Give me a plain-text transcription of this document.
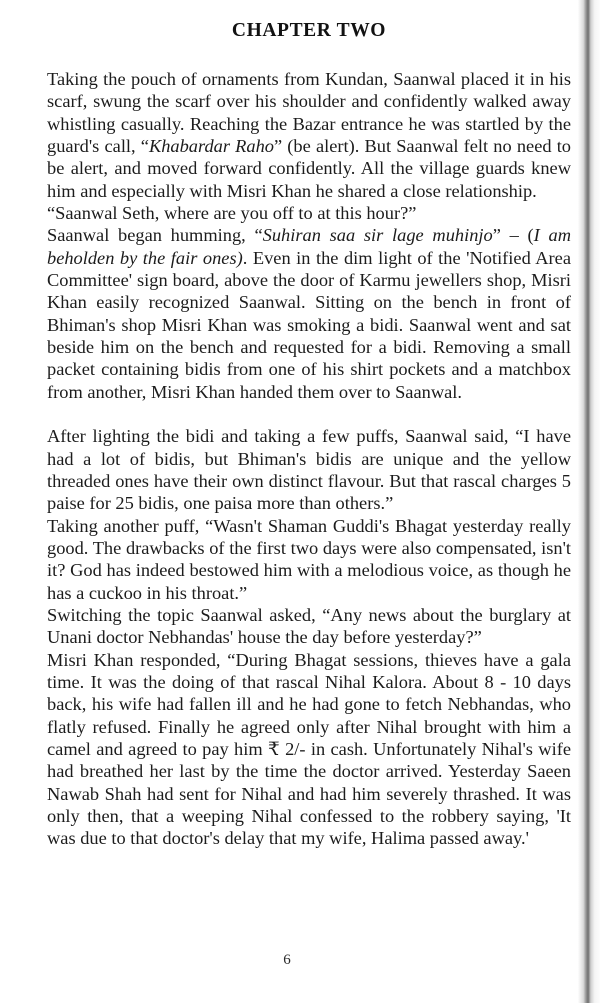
CHAPTER TWO

Taking the pouch of ornaments from Kundan, Saanwal placed it in his scarf, swung the scarf over his shoulder and confidently walked away whistling casually. Reaching the Bazar entrance he was startled by the guard's call, “Khabardar Raho” (be alert). But Saanwal felt no need to be alert, and moved forward confidently. All the village guards knew him and especially with Misri Khan he shared a close relationship.

“Saanwal Seth, where are you off to at this hour?”

Saanwal began humming, “Suhiran saa sir lage muhinjo” – (I am beholden by the fair ones). Even in the dim light of the 'Notified Area Committee' sign board, above the door of Karmu jewellers shop, Misri Khan easily recognized Saanwal. Sitting on the bench in front of Bhiman's shop Misri Khan was smoking a bidi. Saanwal went and sat beside him on the bench and requested for a bidi. Removing a small packet containing bidis from one of his shirt pockets and a matchbox from another, Misri Khan handed them over to Saanwal.

After lighting the bidi and taking a few puffs, Saanwal said, “I have had a lot of bidis, but Bhiman's bidis are unique and the yellow threaded ones have their own distinct flavour. But that rascal charges 5 paise for 25 bidis, one paisa more than others.”

Taking another puff, “Wasn't Shaman Guddi's Bhagat yesterday really good. The drawbacks of the first two days were also compensated, isn't it? God has indeed bestowed him with a melodious voice, as though he has a cuckoo in his throat.”

Switching the topic Saanwal asked, “Any news about the burglary at Unani doctor Nebhandas' house the day before yesterday?”

Misri Khan responded, “During Bhagat sessions, thieves have a gala time. It was the doing of that rascal Nihal Kalora. About 8 - 10 days back, his wife had fallen ill and he had gone to fetch Nebhandas, who flatly refused. Finally he agreed only after Nihal brought with him a camel and agreed to pay him ₹ 2/- in cash. Unfortunately Nihal's wife had breathed her last by the time the doctor arrived. Yesterday Saeen Nawab Shah had sent for Nihal and had him severely thrashed. It was only then, that a weeping Nihal confessed to the robbery saying, 'It was due to that doctor's delay that my wife, Halima passed away.'

6
